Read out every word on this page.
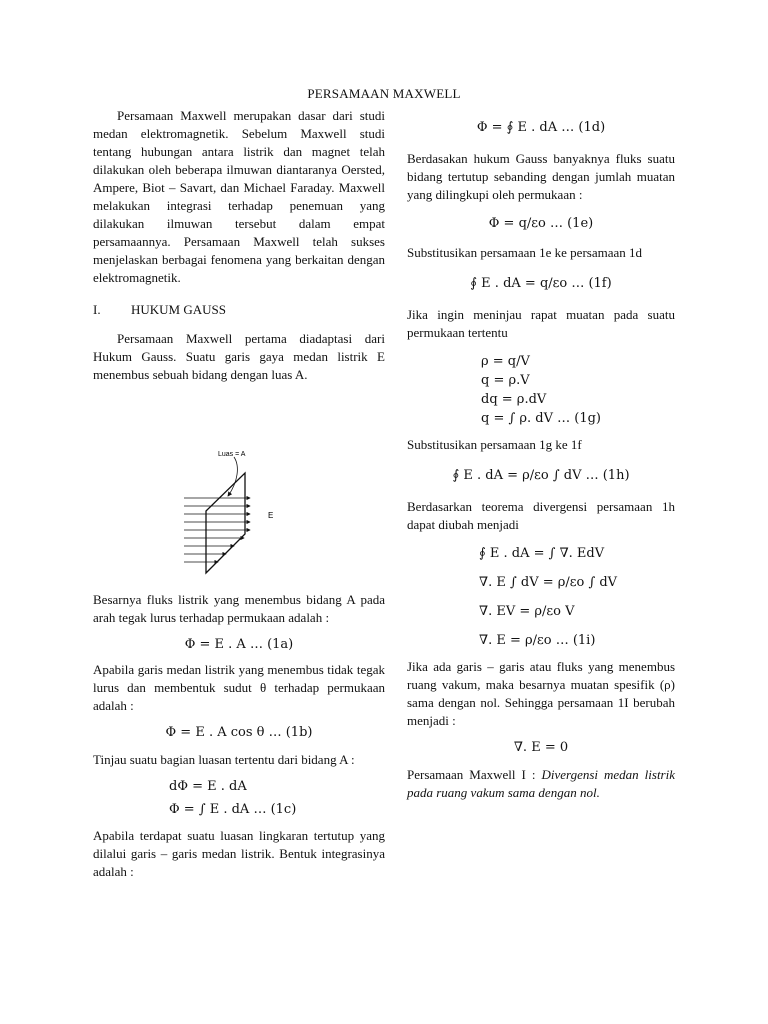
PERSAMAAN MAXWELL

Persamaan Maxwell merupakan dasar dari studi medan elektromagnetik. Sebelum Maxwell studi tentang hubungan antara listrik dan magnet telah dilakukan oleh beberapa ilmuwan diantaranya Oersted, Ampere, Biot – Savart, dan Michael Faraday. Maxwell melakukan integrasi terhadap penemuan yang dilakukan ilmuwan tersebut dalam empat persamaannya. Persamaan Maxwell telah sukses menjelaskan berbagai fenomena yang berkaitan dengan elektromagnetik.

I.	HUKUM GAUSS

Persamaan Maxwell pertama diadaptasi dari Hukum Gauss. Suatu garis gaya medan listrik E menembus sebuah bidang dengan luas A.

Luas = A
E

Besarnya fluks listrik yang menembus bidang A pada arah tegak lurus terhadap permukaan adalah :

Φ = E . A … (1a)

Apabila garis medan listrik yang menembus tidak tegak lurus dan membentuk sudut θ terhadap permukaan adalah :

Φ = E . A cos θ … (1b)

Tinjau suatu bagian luasan tertentu dari bidang A :

dΦ = E . dA
Φ = ∫ E . dA … (1c)

Apabila terdapat suatu luasan lingkaran tertutup yang dilalui garis – garis medan listrik. Bentuk integrasinya adalah :

Φ = ∮ E . dA … (1d)

Berdasakan hukum Gauss banyaknya fluks suatu bidang tertutup sebanding dengan jumlah muatan yang dilingkupi oleh permukaan :

Φ = q/εo … (1e)

Substitusikan persamaan 1e ke persamaan 1d

∮ E . dA = q/εo … (1f)

Jika ingin meninjau rapat muatan pada suatu permukaan tertentu

ρ = q/V
q = ρ.V
dq = ρ.dV
q = ∫ ρ. dV … (1g)

Substitusikan persamaan 1g ke 1f

∮ E . dA = ρ/εo ∫ dV … (1h)

Berdasarkan teorema divergensi persamaan 1h dapat diubah menjadi

∮ E . dA = ∫ ∇. EdV
∇. E ∫ dV = ρ/εo ∫ dV
∇. EV = ρ/εo V
∇. E = ρ/εo … (1i)

Jika ada garis – garis atau fluks yang menembus ruang vakum, maka besarnya muatan spesifik (ρ) sama dengan nol. Sehingga persamaan 1I berubah menjadi :

∇. E = 0

Persamaan Maxwell I : Divergensi medan listrik pada ruang vakum sama dengan nol.
